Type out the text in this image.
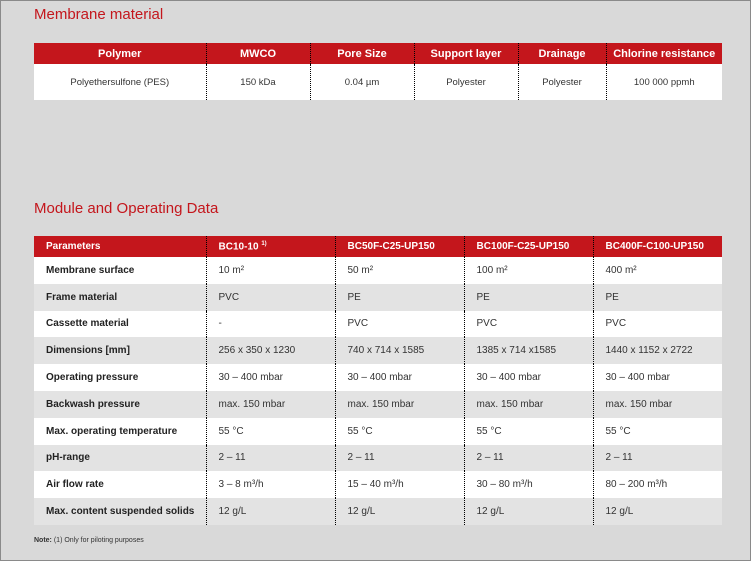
Membrane material
Polymer	MWCO	Pore Size	Support layer	Drainage	Chlorine resistance
Polyethersulfone (PES)	150 kDa	0.04 µm	Polyester	Polyester	100 000 ppmh
Module and Operating Data
Parameters	BC10-10 $^{1)}$	BC50F-C25-UP150	BC100F-C25-UP150	BC400F-C100-UP150
Membrane surface	10 m²	50 m²	100 m²	400 m²
Frame material	PVC	PE	PE	PE
Cassette material	-	PVC	PVC	PVC
Dimensions [mm]	256 x 350 x 1230	740 x 714 x 1585	1385 x 714 x1585	1440 x 1152 x 2722
Operating pressure	30 – 400 mbar	30 – 400 mbar	30 – 400 mbar	30 – 400 mbar
Backwash pressure	max. 150 mbar	max. 150 mbar	max. 150 mbar	max. 150 mbar
Max. operating temperature	55 °C	55 °C	55 °C	55 °C
pH-range	2 – 11	2 – 11	2 – 11	2 – 11
Air flow rate	3 – 8 m³/h	15 – 40 m³/h	30 – 80 m³/h	80 – 200 m³/h
Max. content suspended solids	12 g/L	12 g/L	12 g/L	12 g/L
Note: (1) Only for piloting purposes
